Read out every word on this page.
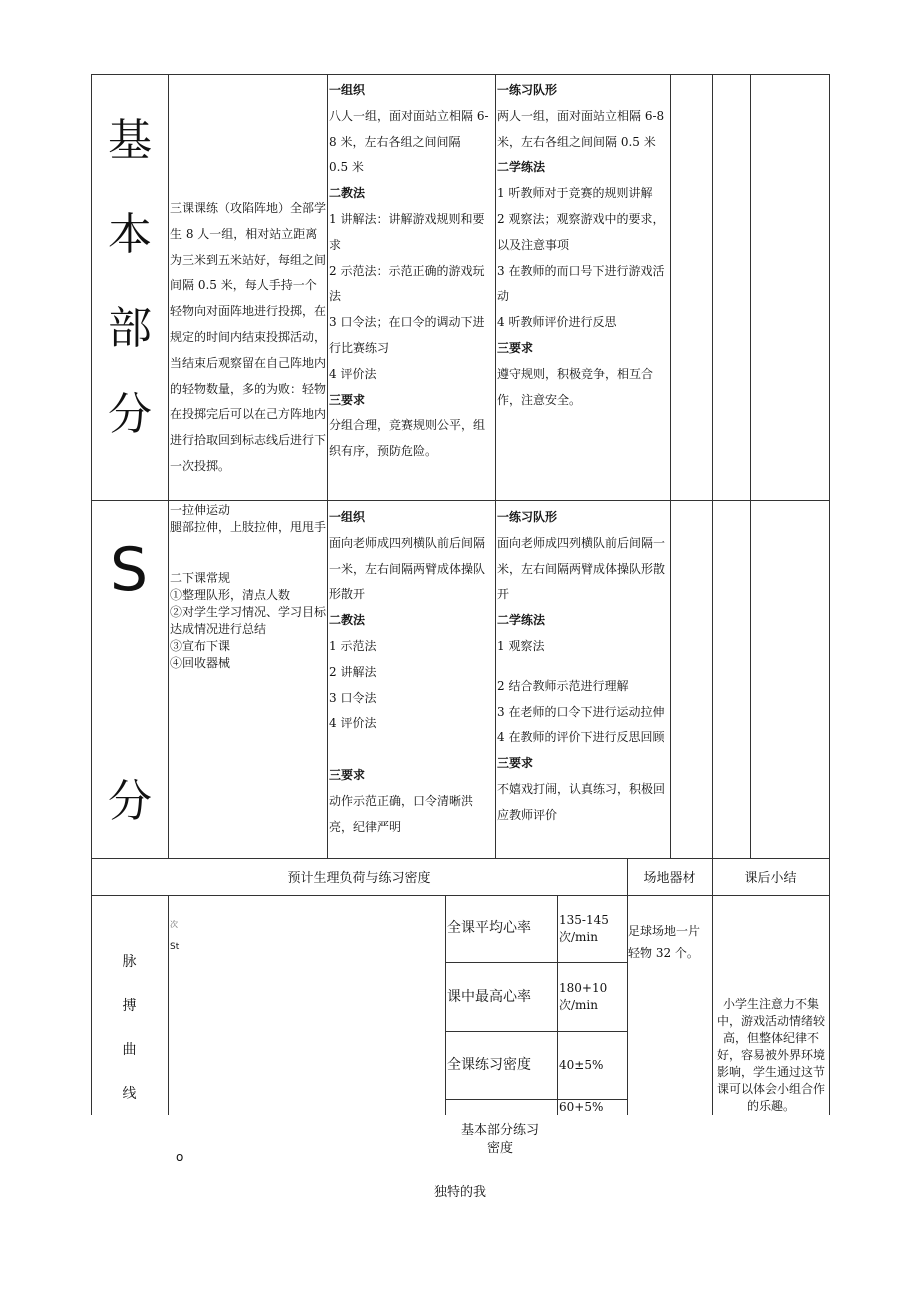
基
本
部
分
三课课练（攻陷阵地）全部学生 8 人一组，相对站立距离为三米到五米站好，每组之间间隔 0.5 米，每人手持一个轻物向对面阵地进行投掷，在规定的时间内结束投掷活动，当结束后观察留在自己阵地内的轻物数量，多的为败：轻物在投掷完后可以在己方阵地内进行拾取回到标志线后进行下一次投掷。
一组织
八人一组，面对面站立相隔 6-8 米，左右各组之间间隔
0.5 米
二教法
1 讲解法：讲解游戏规则和要求
2 示范法：示范正确的游戏玩法
3 口令法；在口令的调动下进行比赛练习
4 评价法
三要求
分组合理，竞赛规则公平，组织有序，预防危险。
一练习队形
两人一组，面对面站立相隔 6-8 米，左右各组之间间隔 0.5 米
二学练法
1 听教师对于竞赛的规则讲解
2 观察法；观察游戏中的要求，以及注意事项
3 在教师的而口号下进行游戏活动
4 听教师评价进行反思
三要求
遵守规则，积极竞争，相互合作，注意安全。
S
分
一拉伸运动
腿部拉伸，上肢拉伸，甩甩手
二下课常规
①整理队形，清点人数
②对学生学习情况、学习目标达成情况进行总结
③宣布下课
④回收器械
一组织
面向老师成四列横队前后间隔一米，左右间隔两臂成体操队形散开
二教法
1 示范法
2 讲解法
3 口令法
4 评价法
三要求
动作示范正确，口令清晰洪亮，纪律严明
一练习队形
面向老师成四列横队前后间隔一米，左右间隔两臂成体操队形散开
二学练法
1 观察法
2 结合教师示范进行理解
3 在老师的口令下进行运动拉伸
4 在教师的评价下进行反思回顾
三要求
不嬉戏打闹，认真练习，积极回应教师评价
预计生理负荷与练习密度	场地器材	课后小结
脉
搏
曲
线
次
St
o
全课平均心率 135-145 次/min
课中最高心率
180+10 次/min
全课练习密度 40±5%
基本部分练习密度
60+5%
足球场地一片轻物 32 个。
小学生注意力不集中，游戏活动情绪较高，但整体纪律不好，容易被外界环境影响，学生通过这节课可以体会小组合作的乐趣。
独特的我
